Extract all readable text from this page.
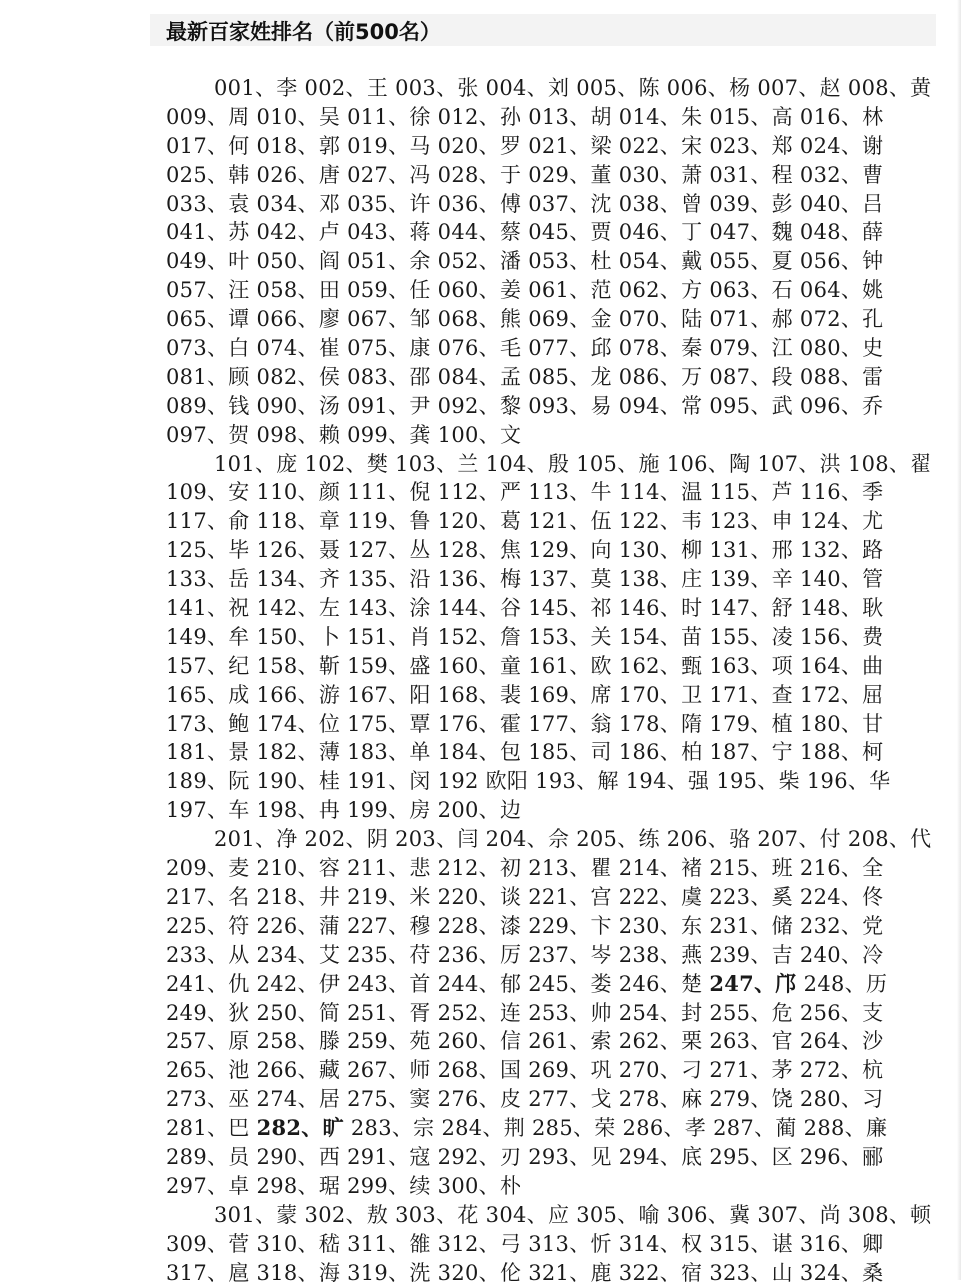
最新百家姓排名（前500名）
001、李 002、王 003、张 004、刘 005、陈 006、杨 007、赵 008、黄
009、周 010、吴 011、徐 012、孙 013、胡 014、朱 015、高 016、林
017、何 018、郭 019、马 020、罗 021、梁 022、宋 023、郑 024、谢
025、韩 026、唐 027、冯 028、于 029、董 030、萧 031、程 032、曹
033、袁 034、邓 035、许 036、傅 037、沈 038、曾 039、彭 040、吕
041、苏 042、卢 043、蒋 044、蔡 045、贾 046、丁 047、魏 048、薛
049、叶 050、阎 051、余 052、潘 053、杜 054、戴 055、夏 056、钟
057、汪 058、田 059、任 060、姜 061、范 062、方 063、石 064、姚
065、谭 066、廖 067、邹 068、熊 069、金 070、陆 071、郝 072、孔
073、白 074、崔 075、康 076、毛 077、邱 078、秦 079、江 080、史
081、顾 082、侯 083、邵 084、孟 085、龙 086、万 087、段 088、雷
089、钱 090、汤 091、尹 092、黎 093、易 094、常 095、武 096、乔
097、贺 098、赖 099、龚 100、文
101、庞 102、樊 103、兰 104、殷 105、施 106、陶 107、洪 108、翟
109、安 110、颜 111、倪 112、严 113、牛 114、温 115、芦 116、季
117、俞 118、章 119、鲁 120、葛 121、伍 122、韦 123、申 124、尤
125、毕 126、聂 127、丛 128、焦 129、向 130、柳 131、邢 132、路
133、岳 134、齐 135、沿 136、梅 137、莫 138、庄 139、辛 140、管
141、祝 142、左 143、涂 144、谷 145、祁 146、时 147、舒 148、耿
149、牟 150、卜 151、肖 152、詹 153、关 154、苗 155、凌 156、费
157、纪 158、靳 159、盛 160、童 161、欧 162、甄 163、项 164、曲
165、成 166、游 167、阳 168、裴 169、席 170、卫 171、查 172、屈
173、鲍 174、位 175、覃 176、霍 177、翁 178、隋 179、植 180、甘
181、景 182、薄 183、单 184、包 185、司 186、柏 187、宁 188、柯
189、阮 190、桂 191、闵 192 欧阳 193、解 194、强 195、柴 196、华
197、车 198、冉 199、房 200、边
201、净 202、阴 203、闫 204、佘 205、练 206、骆 207、付 208、代
209、麦 210、容 211、悲 212、初 213、瞿 214、褚 215、班 216、全
217、名 218、井 219、米 220、谈 221、宫 222、虞 223、奚 224、佟
225、符 226、蒲 227、穆 228、漆 229、卞 230、东 231、储 232、党
233、从 234、艾 235、苻 236、厉 237、岑 238、燕 239、吉 240、冷
241、仇 242、伊 243、首 244、郁 245、娄 246、楚 247、邝 248、历
249、狄 250、简 251、胥 252、连 253、帅 254、封 255、危 256、支
257、原 258、滕 259、苑 260、信 261、索 262、栗 263、官 264、沙
265、池 266、藏 267、师 268、国 269、巩 270、刁 271、茅 272、杭
273、巫 274、居 275、窦 276、皮 277、戈 278、麻 279、饶 280、习
281、巴 282、旷 283、宗 284、荆 285、荣 286、孝 287、蔺 288、廉
289、员 290、西 291、寇 292、刃 293、见 294、底 295、区 296、郦
297、卓 298、琚 299、续 300、朴
301、蒙 302、敖 303、花 304、应 305、喻 306、冀 307、尚 308、顿
309、菅 310、嵇 311、雒 312、弓 313、忻 314、权 315、谌 316、卿
317、扈 318、海 319、洗 320、伦 321、鹿 322、宿 323、山 324、桑
